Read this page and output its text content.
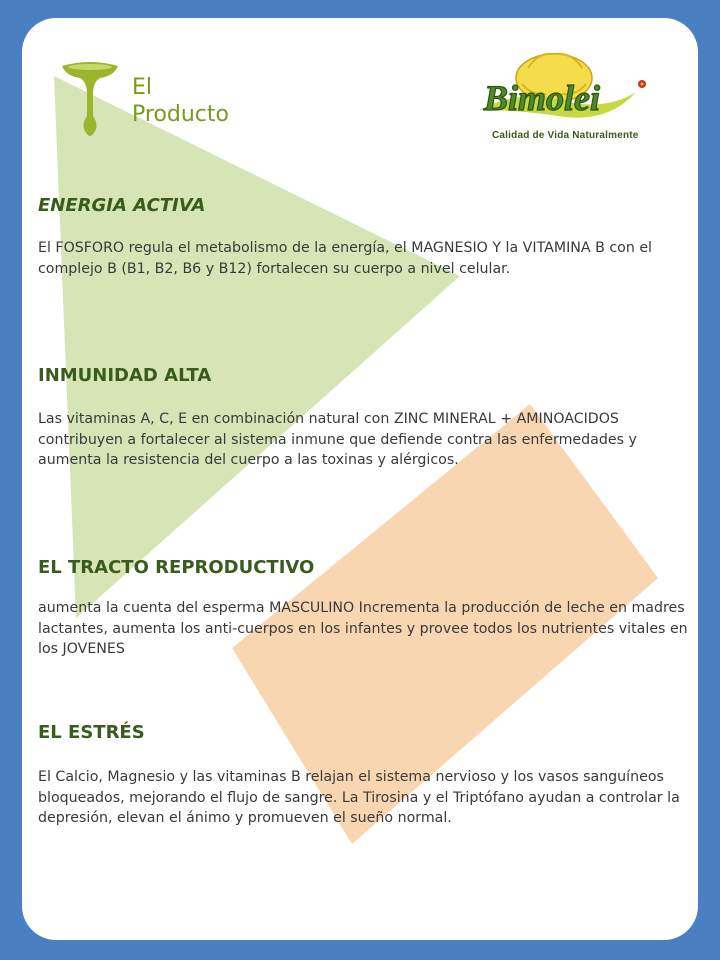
El
Producto	Bimolei
Calidad de Vida Naturalmente
ENERGIA ACTIVA

El FOSFORO regula el metabolismo de la energía, el MAGNESIO Y la VITAMINA B con el complejo B (B1, B2, B6 y B12) fortalecen su cuerpo a nivel celular.

INMUNIDAD ALTA

Las vitaminas A, C, E en combinación natural con ZINC MINERAL + AMINOACIDOS contribuyen a fortalecer al sistema inmune que defiende contra las enfermedades y aumenta la resistencia del cuerpo a las toxinas y alérgicos.

EL TRACTO REPRODUCTIVO

aumenta la cuenta del esperma MASCULINO Incrementa la producción de leche en madres lactantes, aumenta los anti-cuerpos en los infantes y provee todos los nutrientes vitales en los JOVENES

EL ESTRÉS

El Calcio, Magnesio y las vitaminas B relajan el sistema nervioso y los vasos sanguíneos bloqueados, mejorando el flujo de sangre. La Tirosina y el Triptófano ayudan a controlar la depresión, elevan el ánimo y promueven el sueño normal.
